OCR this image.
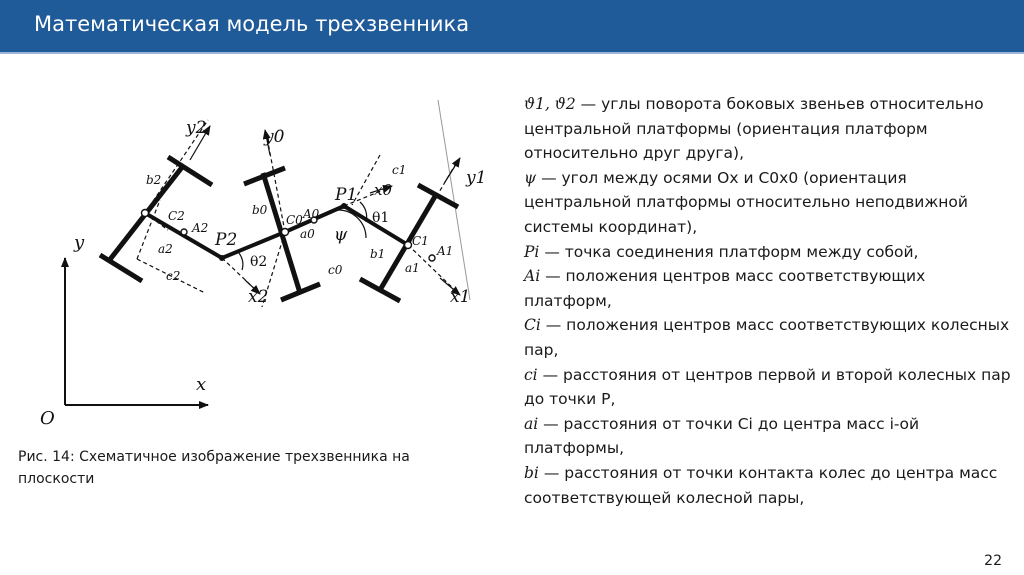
Математическая модель трехзвенника
y
x
O
y2	y0
x0
y1
x1
x2
P1
P2
C0 A0
C1
A1
C2
A2
b2
a2
c2
b0
a0
c0
c1
b1
a1
ψ
θ1
θ2
Рис. 14: Схематичное изображение трехзвенника на плоскости

ϑ1, ϑ2 — углы поворота боковых звеньев относительно центральной платформы (ориентация платформ относительно друг друга),

ψ — угол между осями Ox и C0x0 (ориентация центральной платформы относительно неподвижной системы координат),

Pi — точка соединения платформ между собой,

Ai — положения центров масс соответствующих платформ,

Ci — положения центров масс соответствующих колесных пар,

ci — расстояния от центров первой и второй колесных пар до точки P,

ai — расстояния от точки Ci до центра масс i-ой платформы,

bi — расстояния от точки контакта колес до центра масс соответствующей колесной пары,

22
